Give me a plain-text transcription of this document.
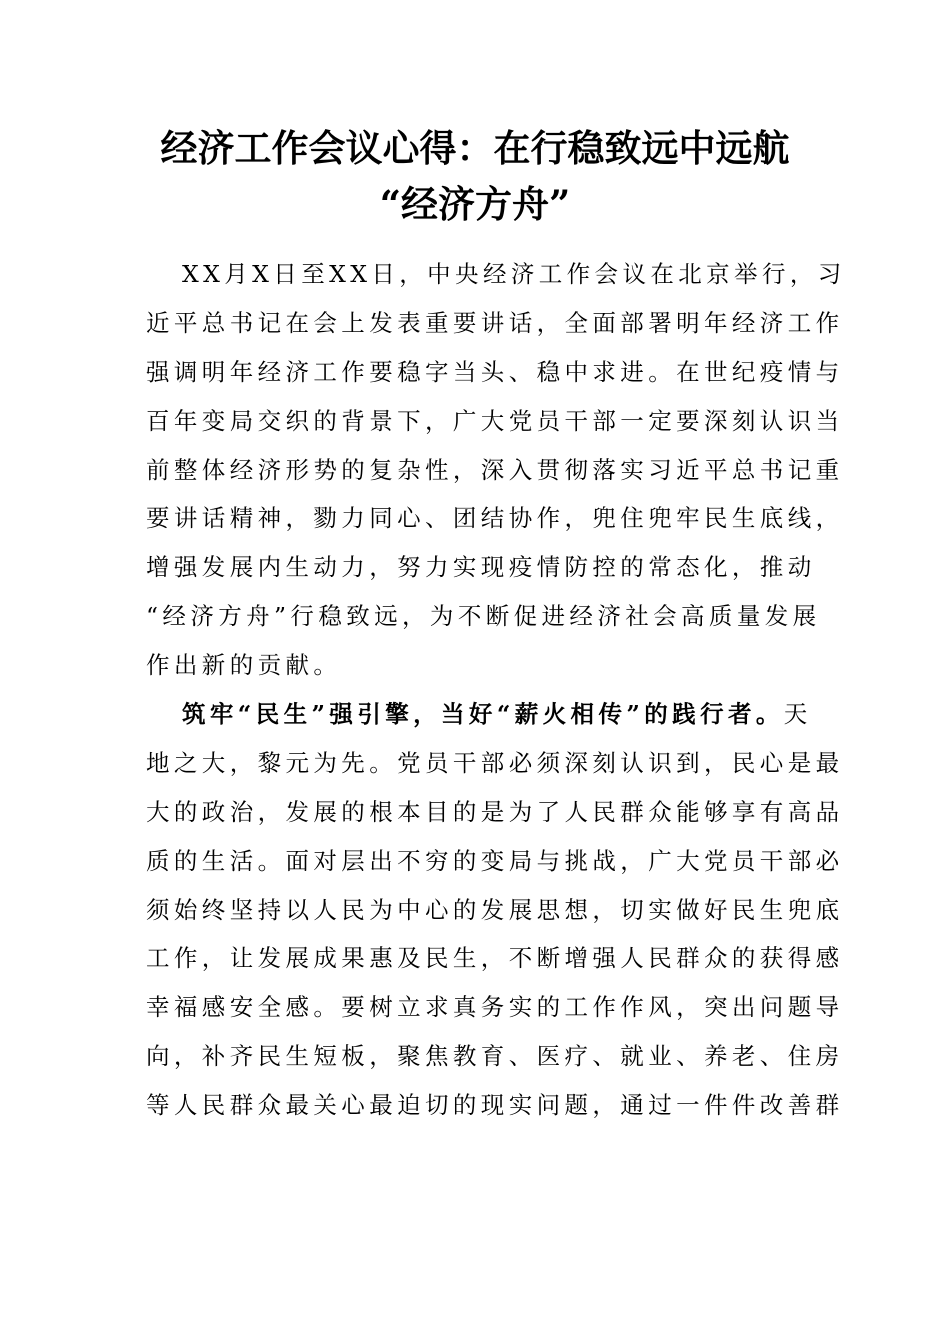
经济工作会议心得：在行稳致远中远航
“经济方舟”

XX月X日至XX日，中央经济工作会议在北京举行，习
近平总书记在会上发表重要讲话，全面部署明年经济工作
强调明年经济工作要稳字当头、稳中求进。在世纪疫情与
百年变局交织的背景下，广大党员干部一定要深刻认识当
前整体经济形势的复杂性，深入贯彻落实习近平总书记重
要讲话精神，勠力同心、团结协作，兜住兜牢民生底线，
增强发展内生动力，努力实现疫情防控的常态化，推动
“经济方舟”行稳致远，为不断促进经济社会高质量发展
作出新的贡献。

筑牢“民生”强引擎，当好“薪火相传”的践行者。天
地之大，黎元为先。党员干部必须深刻认识到，民心是最
大的政治，发展的根本目的是为了人民群众能够享有高品
质的生活。面对层出不穷的变局与挑战，广大党员干部必
须始终坚持以人民为中心的发展思想，切实做好民生兜底
工作，让发展成果惠及民生，不断增强人民群众的获得感
幸福感安全感。要树立求真务实的工作作风，突出问题导
向，补齐民生短板，聚焦教育、医疗、就业、养老、住房
等人民群众最关心最迫切的现实问题，通过一件件改善群
